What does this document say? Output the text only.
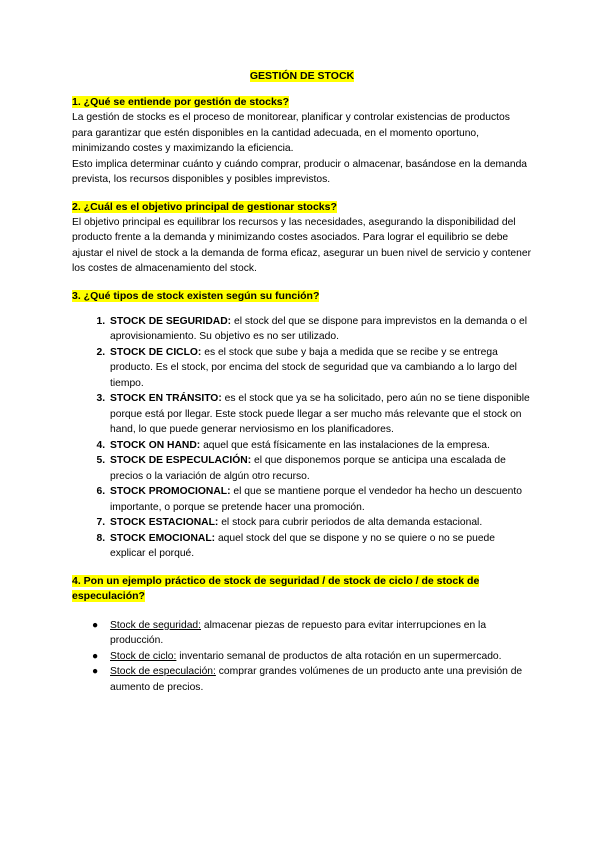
GESTIÓN DE STOCK

1. ¿Qué se entiende por gestión de stocks?

La gestión de stocks es el proceso de monitorear, planificar y controlar existencias de productos para garantizar que estén disponibles en la cantidad adecuada, en el momento oportuno, minimizando costes y maximizando la eficiencia.

Esto implica determinar cuánto y cuándo comprar, producir o almacenar, basándose en la demanda prevista, los recursos disponibles y posibles imprevistos.

2. ¿Cuál es el objetivo principal de gestionar stocks?

El objetivo principal es equilibrar los recursos y las necesidades, asegurando la disponibilidad del producto frente a la demanda y minimizando costes asociados. Para lograr el equilibrio se debe ajustar el nivel de stock a la demanda de forma eficaz, asegurar un buen nivel de servicio y contener los costes de almacenamiento del stock.

3. ¿Qué tipos de stock existen según su función?

1. STOCK DE SEGURIDAD: el stock del que se dispone para imprevistos en la demanda o el aprovisionamiento. Su objetivo es no ser utilizado.
2. STOCK DE CICLO: es el stock que sube y baja a medida que se recibe y se entrega producto. Es el stock, por encima del stock de seguridad que va cambiando a lo largo del tiempo.
3. STOCK EN TRÁNSITO: es el stock que ya se ha solicitado, pero aún no se tiene disponible porque está por llegar. Este stock puede llegar a ser mucho más relevante que el stock on hand, lo que puede generar nerviosismo en los planificadores.
4. STOCK ON HAND: aquel que está físicamente en las instalaciones de la empresa.
5. STOCK DE ESPECULACIÓN: el que disponemos porque se anticipa una escalada de precios o la variación de algún otro recurso.
6. STOCK PROMOCIONAL: el que se mantiene porque el vendedor ha hecho un descuento importante, o porque se pretende hacer una promoción.
7. STOCK ESTACIONAL: el stock para cubrir periodos de alta demanda estacional.
8. STOCK EMOCIONAL: aquel stock del que se dispone y no se quiere o no se puede explicar el porqué.

4. Pon un ejemplo práctico de stock de seguridad / de stock de ciclo / de stock de especulación?

● Stock de seguridad: almacenar piezas de repuesto para evitar interrupciones en la producción.
● Stock de ciclo: inventario semanal de productos de alta rotación en un supermercado.
● Stock de especulación: comprar grandes volúmenes de un producto ante una previsión de aumento de precios.
